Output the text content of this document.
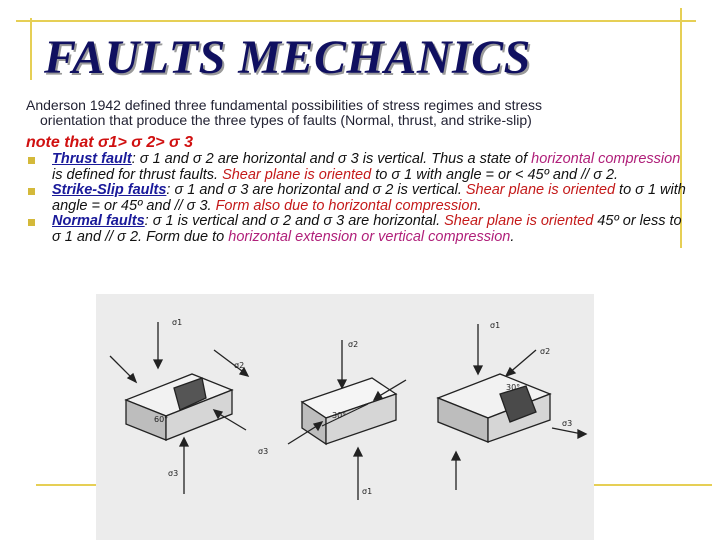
FAULTS MECHANICS
Anderson 1942 defined three fundamental possibilities of stress regimes and stress
orientation that produce the three types of faults (Normal, thrust, and strike-slip)
note that σ1> σ 2> σ 3
Thrust fault: σ 1 and σ 2 are horizontal and σ 3 is vertical. Thus a state of horizontal compression is defined for thrust faults. Shear plane is oriented to σ 1 with angle = or < 45º and // σ 2.
Strike-Slip faults: σ 1 and σ 3 are horizontal and σ 2 is vertical. Shear plane is oriented to σ 1 with angle = or 45º and // σ 3. Form also due to horizontal compression.
Normal faults: σ 1 is vertical and σ 2 and σ 3 are horizontal. Shear plane is oriented 45º or less to σ 1 and // σ 2. Form due to horizontal extension or vertical compression.
σ1
σ2
σ3
60°
σ2
σ3
σ1
30°
σ1
σ2
σ3
30°
